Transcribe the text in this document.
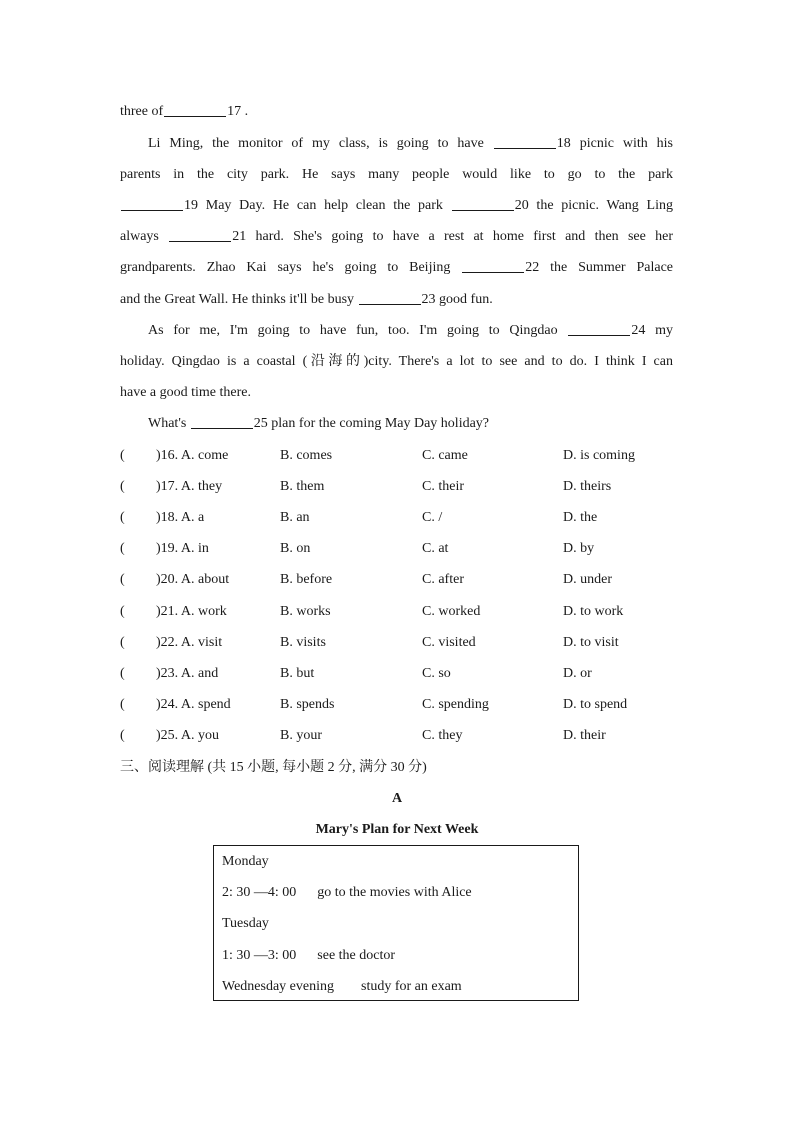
three of	17 .
Li Ming, the monitor of my class, is going to have	18 picnic with his
parents in the city park. He says many people would like to go to the park
19 May Day. He can help clean the park	20 the picnic. Wang Ling
always	21 hard. She's going to have a rest at home first and then see her
grandparents. Zhao Kai says he's going to Beijing	22 the Summer Palace
and the Great Wall. He thinks it'll be busy	23 good fun.
As for me, I'm going to have fun, too. I'm going to Qingdao	24 my
holiday. Qingdao is a coastal (沿海的)city. There's a lot to see and to do. I think I can
have a good time there.
What's	25 plan for the coming May Day holiday?
( )16. A. come	B. comes	C. came	D. is coming
( )17. A. they	B. them	C. their	D. theirs
( )18. A. a	B. an	C. /	D. the
( )19. A. in	B. on	C. at	D. by
( )20. A. about	B. before	C. after	D. under
( )21. A. work	B. works	C. worked	D. to work
( )22. A. visit	B. visits	C. visited	D. to visit
( )23. A. and	B. but	C. so	D. or
( )24. A. spend	B. spends	C. spending	D. to spend
( )25. A. you	B. your	C. they	D. their
三、阅读理解 (共 15 小题, 每小题 2 分, 满分 30 分)
A
Mary's Plan for Next Week
Monday
2: 30 —4: 00 go to the movies with Alice
Tuesday
1: 30 —3: 00 see the doctor
Wednesday evening study for an exam
